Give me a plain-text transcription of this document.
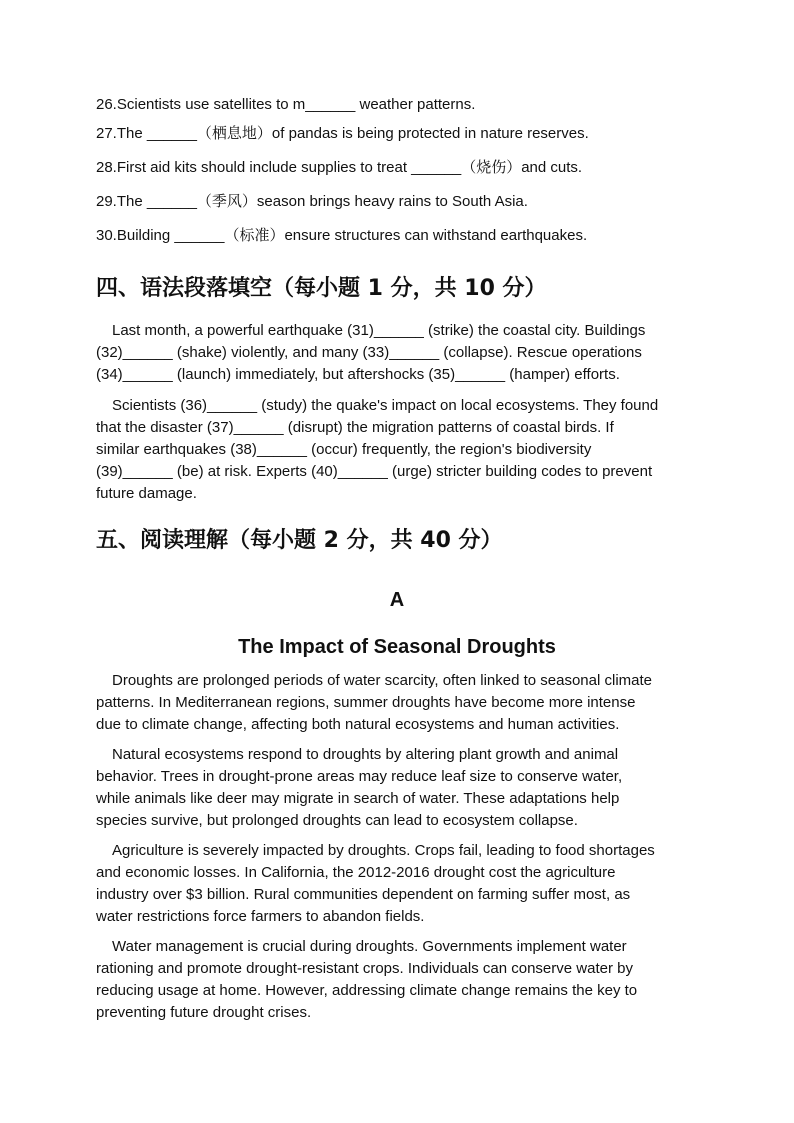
26.Scientists use satellites to m______ weather patterns.
27.The ______（栖息地）of pandas is being protected in nature reserves.
28.First aid kits should include supplies to treat ______（烧伤）and cuts.
29.The ______（季风）season brings heavy rains to South Asia.
30.Building ______（标准）ensure structures can withstand earthquakes.
四、语法段落填空（每小题 1 分，共 10 分）
Last month, a powerful earthquake (31)______ (strike) the coastal city. Buildings
(32)______ (shake) violently, and many (33)______ (collapse). Rescue operations
(34)______ (launch) immediately, but aftershocks (35)______ (hamper) efforts.
Scientists (36)______ (study) the quake's impact on local ecosystems. They found
that the disaster (37)______ (disrupt) the migration patterns of coastal birds. If
similar earthquakes (38)______ (occur) frequently, the region's biodiversity
(39)______ (be) at risk. Experts (40)______ (urge) stricter building codes to prevent
future damage.
五、阅读理解（每小题 2 分，共 40 分）
A
The Impact of Seasonal Droughts
Droughts are prolonged periods of water scarcity, often linked to seasonal climate
patterns. In Mediterranean regions, summer droughts have become more intense
due to climate change, affecting both natural ecosystems and human activities.
Natural ecosystems respond to droughts by altering plant growth and animal
behavior. Trees in drought-prone areas may reduce leaf size to conserve water,
while animals like deer may migrate in search of water. These adaptations help
species survive, but prolonged droughts can lead to ecosystem collapse.
Agriculture is severely impacted by droughts. Crops fail, leading to food shortages
and economic losses. In California, the 2012-2016 drought cost the agriculture
industry over $3 billion. Rural communities dependent on farming suffer most, as
water restrictions force farmers to abandon fields.
Water management is crucial during droughts. Governments implement water
rationing and promote drought-resistant crops. Individuals can conserve water by
reducing usage at home. However, addressing climate change remains the key to
preventing future drought crises.
